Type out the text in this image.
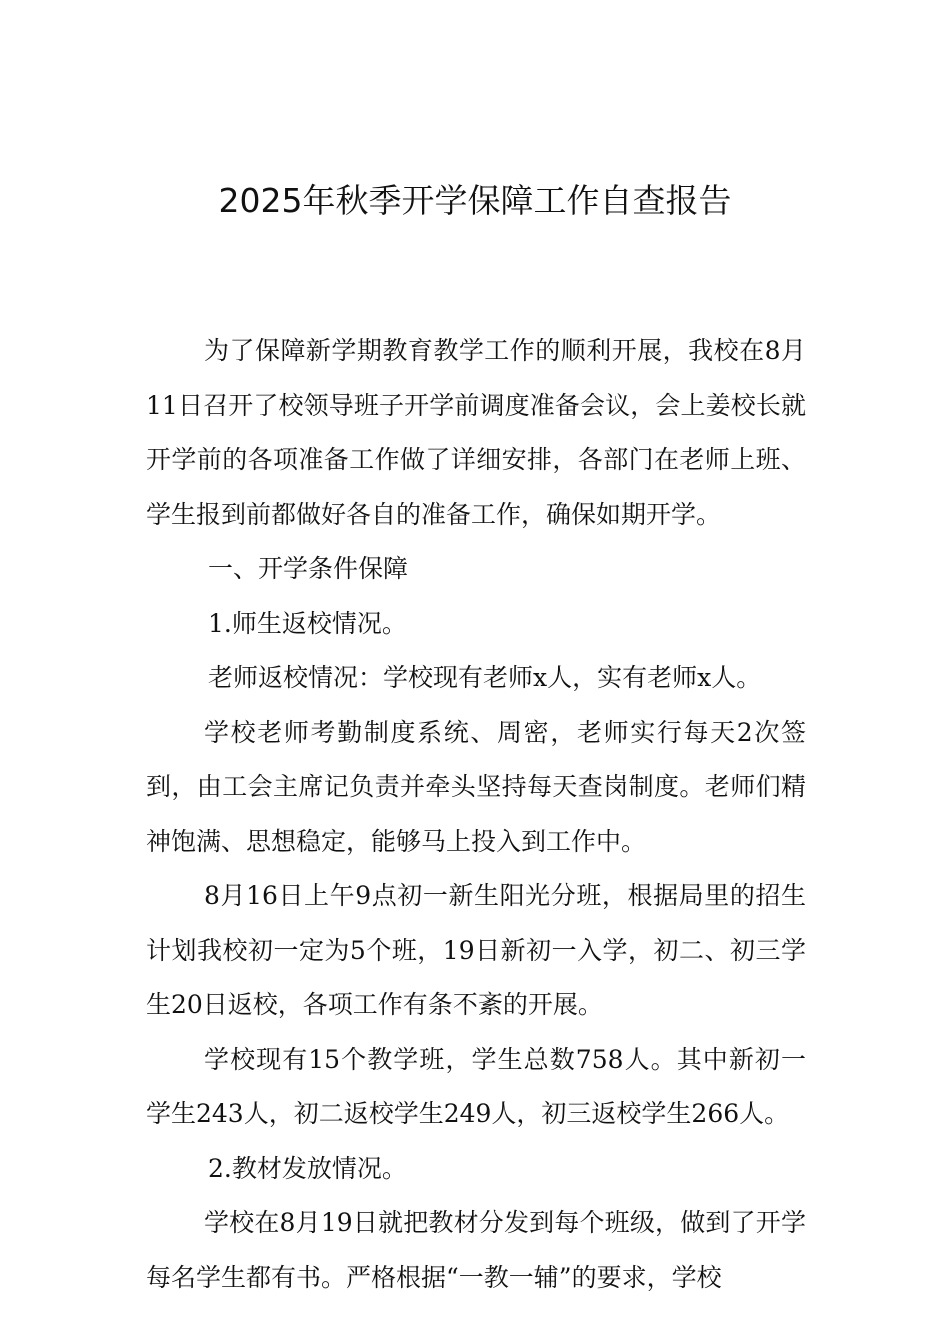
2025年秋季开学保障工作自查报告

为了保障新学期教育教学工作的顺利开展，我校在8月11日召开了校领导班子开学前调度准备会议，会上姜校长就开学前的各项准备工作做了详细安排，各部门在老师上班、学生报到前都做好各自的准备工作，确保如期开学。

一、开学条件保障

1.师生返校情况。

老师返校情况：学校现有老师x人，实有老师x人。

学校老师考勤制度系统、周密，老师实行每天2次签到，由工会主席记负责并牵头坚持每天查岗制度。老师们精神饱满、思想稳定，能够马上投入到工作中。

8月16日上午9点初一新生阳光分班，根据局里的招生计划我校初一定为5个班，19日新初一入学，初二、初三学生20日返校，各项工作有条不紊的开展。

学校现有15个教学班，学生总数758人。其中新初一学生243人，初二返校学生249人，初三返校学生266人。

2.教材发放情况。

学校在8月19日就把教材分发到每个班级，做到了开学每名学生都有书。严格根据“一教一辅”的要求，学校
